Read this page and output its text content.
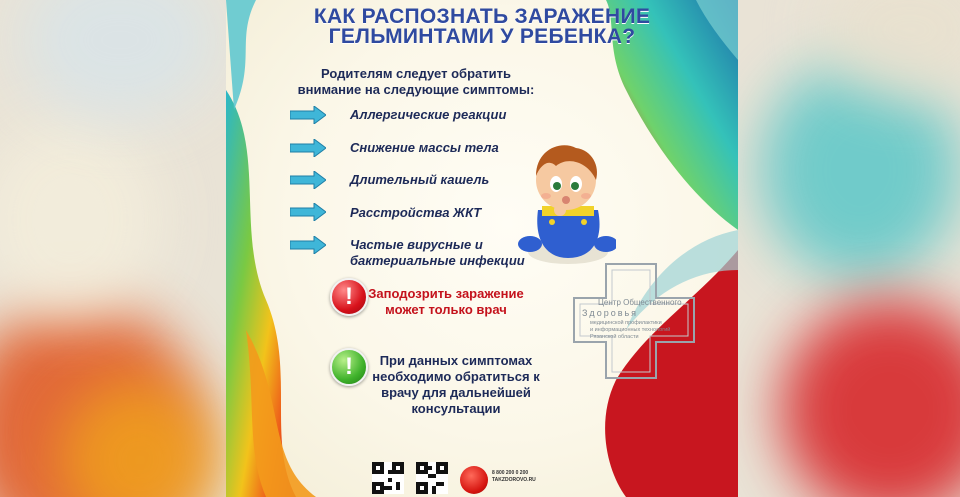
КАК РАСПОЗНАТЬ ЗАРАЖЕНИЕ
ГЕЛЬМИНТАМИ У РЕБЕНКА?
Родителям следует обратить
внимание на следующие симптомы:
Аллергические реакции
Снижение массы тела
Длительный кашель
Расстройства ЖКТ
Частые вирусные и
бактериальные инфекции
!	Заподозрить заражение
может только врач
!	При данных симптомах
необходимо обратиться к
врачу для дальнейшей
консультации
Центр Общественного
Здоровья
медицинской профилактики
и информационных технологий
Рязанской области
8 800 200 0 200
TAKZDOROVO.RU
